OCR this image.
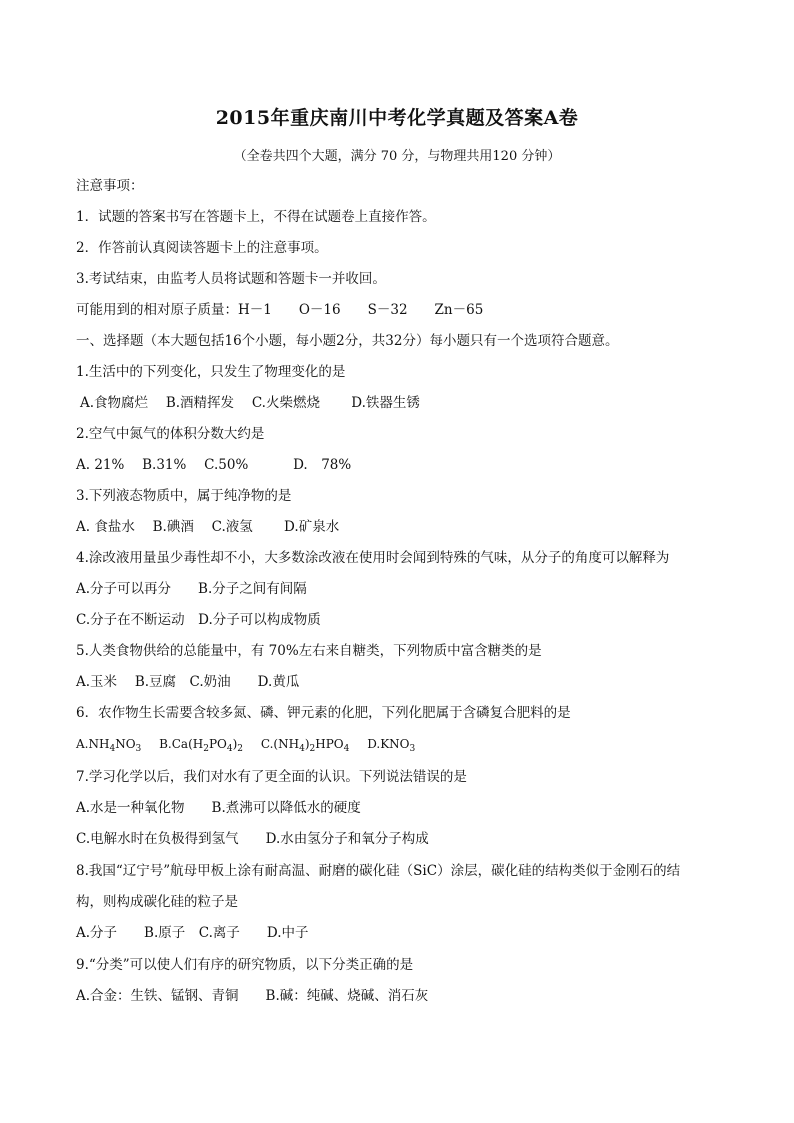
2015年重庆南川中考化学真题及答案A卷
（全卷共四个大题，满分 70 分，与物理共用120 分钟）
注意事项：
1．试题的答案书写在答题卡上，不得在试题卷上直接作答。
2．作答前认真阅读答题卡上的注意事项。
3.考试结束，由监考人员将试题和答题卡一并收回。
可能用到的相对原子质量：H－1　　O－16　　S－32　　Zn－65
一、选择题（本大题包括16个小题，每小题2分，共32分）每小题只有一个选项符合题意。
1.生活中的下列变化，只发生了物理变化的是
A.食物腐烂　 B.酒精挥发　 C.火柴燃烧　　 D.铁器生锈
2.空气中氮气的体积分数大约是
A. 21%　 B.31%　 C.50%　　　 D.　78%
3.下列液态物质中，属于纯净物的是
A. 食盐水　 B.碘酒　 C.液氢　　 D.矿泉水
4.涂改液用量虽少毒性却不小，大多数涂改液在使用时会闻到特殊的气味，从分子的角度可以解释为
A.分子可以再分　　B.分子之间有间隔
C.分子在不断运动　D.分子可以构成物质
5.人类食物供给的总能量中，有 70%左右来自糖类，下列物质中富含糖类的是
A.玉米　 B.豆腐　C.奶油　　D.黄瓜
6．农作物生长需要含较多氮、磷、钾元素的化肥，下列化肥属于含磷复合肥料的是
$A.NH_4NO_3$ $B.Ca(H_2PO_4)_2$ $C.(NH_4)_2HPO_4$ $D.KNO_3$
7.学习化学以后，我们对水有了更全面的认识。下列说法错误的是
A.水是一种氧化物　　B.煮沸可以降低水的硬度
C.电解水时在负极得到氢气　　D.水由氢分子和氧分子构成
8.我国“辽宁号”航母甲板上涂有耐高温、耐磨的碳化硅（SiC）涂层，碳化硅的结构类似于金刚石的结
构，则构成碳化硅的粒子是
A.分子　　B.原子　C.离子　　D.中子
9.“分类”可以使人们有序的研究物质，以下分类正确的是
A.合金：生铁、锰钢、青铜　　B.碱：纯碱、烧碱、消石灰
